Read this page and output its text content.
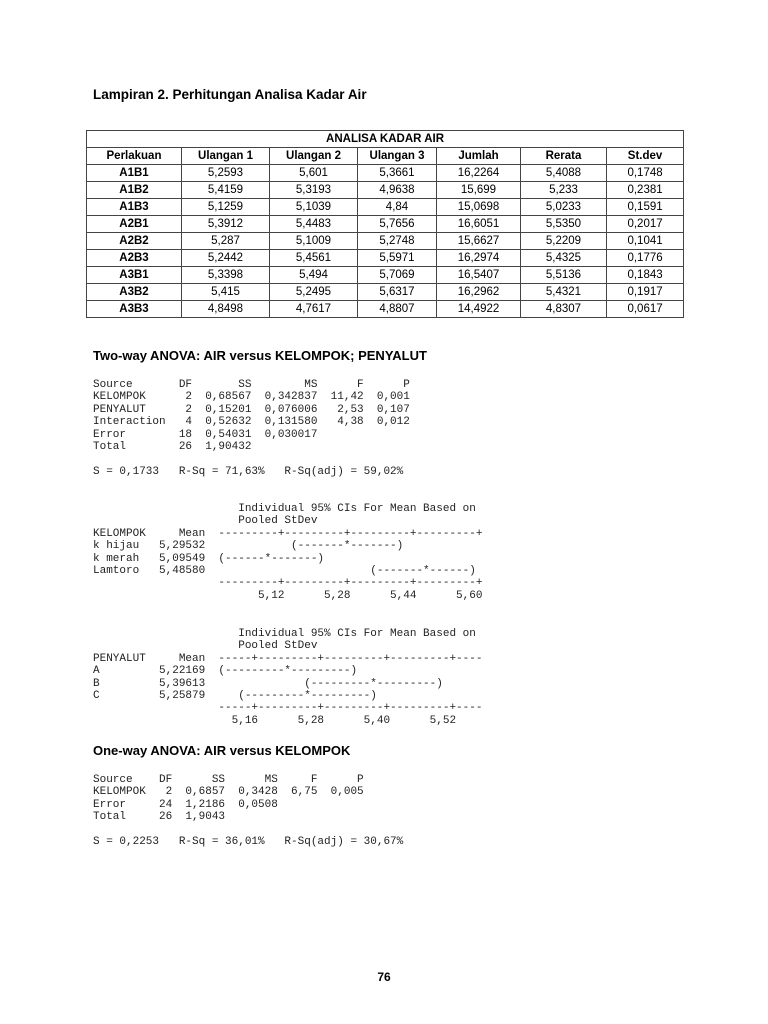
Lampiran 2. Perhitungan Analisa Kadar Air
ANALISA KADAR AIR						
Perlakuan	Ulangan 1	Ulangan 2	Ulangan 3	Jumlah	Rerata	St.dev
A1B1	5,2593	5,601	5,3661	16,2264	5,4088	0,1748
A1B2	5,4159	5,3193	4,9638	15,699	5,233	0,2381
A1B3	5,1259	5,1039	4,84	15,0698	5,0233	0,1591
A2B1	5,3912	5,4483	5,7656	16,6051	5,5350	0,2017
A2B2	5,287	5,1009	5,2748	15,6627	5,2209	0,1041
A2B3	5,2442	5,4561	5,5971	16,2974	5,4325	0,1776
A3B1	5,3398	5,494	5,7069	16,5407	5,5136	0,1843
A3B2	5,415	5,2495	5,6317	16,2962	5,4321	0,1917
A3B3	4,8498	4,7617	4,8807	14,4922	4,8307	0,0617
Two-way ANOVA: AIR versus KELOMPOK; PENYALUT
Source       DF       SS        MS      F      P
KELOMPOK      2  0,68567  0,342837  11,42  0,001
PENYALUT      2  0,15201  0,076006   2,53  0,107
Interaction   4  0,52632  0,131580   4,38  0,012
Error        18  0,54031  0,030017
Total        26  1,90432
S = 0,1733   R-Sq = 71,63%   R-Sq(adj) = 59,02%
Individual 95% CIs For Mean Based on
Pooled StDev
KELOMPOK     Mean  ---------+---------+---------+---------+
k hijau   5,29532             (-------*-------)
k merah   5,09549  (------*-------)
Lamtoro   5,48580                         (-------*------)
---------+---------+---------+---------+
5,12      5,28      5,44      5,60
Individual 95% CIs For Mean Based on
Pooled StDev
PENYALUT     Mean  -----+---------+---------+---------+----
A         5,22169  (---------*---------)
B         5,39613               (---------*---------)
C         5,25879     (---------*---------)
-----+---------+---------+---------+----
5,16      5,28      5,40      5,52
One-way ANOVA: AIR versus KELOMPOK
Source    DF      SS      MS     F      P
KELOMPOK   2  0,6857  0,3428  6,75  0,005
Error     24  1,2186  0,0508
Total     26  1,9043
S = 0,2253   R-Sq = 36,01%   R-Sq(adj) = 30,67%
76
